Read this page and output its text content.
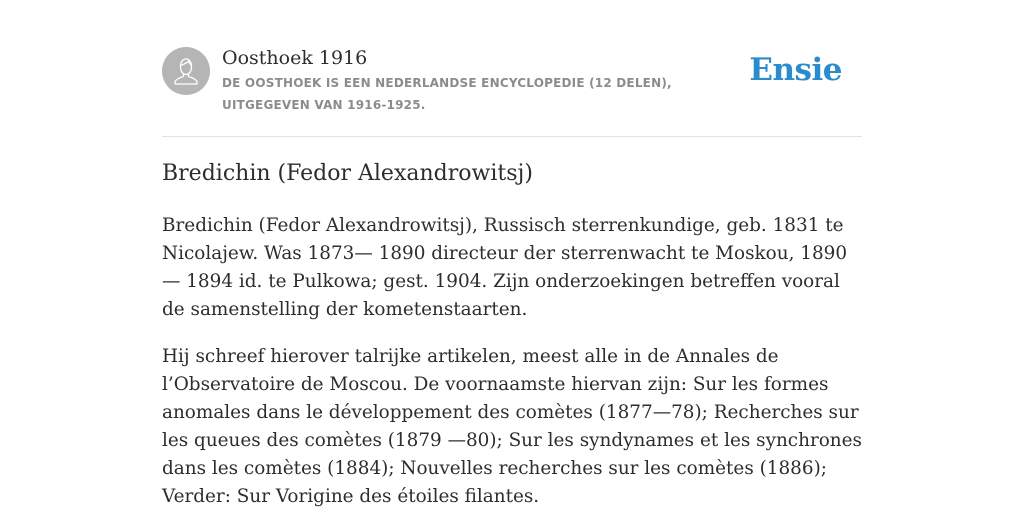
Oosthoek 1916
DE OOSTHOEK IS EEN NEDERLANDSE ENCYCLOPEDIE (12 DELEN), UITGEGEVEN VAN 1916-1925.
Ensie
Bredichin (Fedor Alexandrowitsj)

Bredichin (Fedor Alexandrowitsj), Russisch sterrenkundige, geb. 1831 te Nicolajew. Was 1873— 1890 directeur der sterrenwacht te Moskou, 1890— 1894 id. te Pulkowa; gest. 1904. Zijn onderzoekingen betreffen vooral de samenstelling der kometenstaarten.

Hij schreef hierover talrijke artikelen, meest alle in de Annales de l’Observatoire de Moscou. De voornaamste hiervan zijn: Sur les formes anomales dans le développement des comètes (1877—78); Recherches sur les queues des comètes (1879 —80); Sur les syndynames et les synchrones dans les comètes (1884); Nouvelles recherches sur les comètes (1886); Verder: Sur Vorigine des étoiles filantes.
